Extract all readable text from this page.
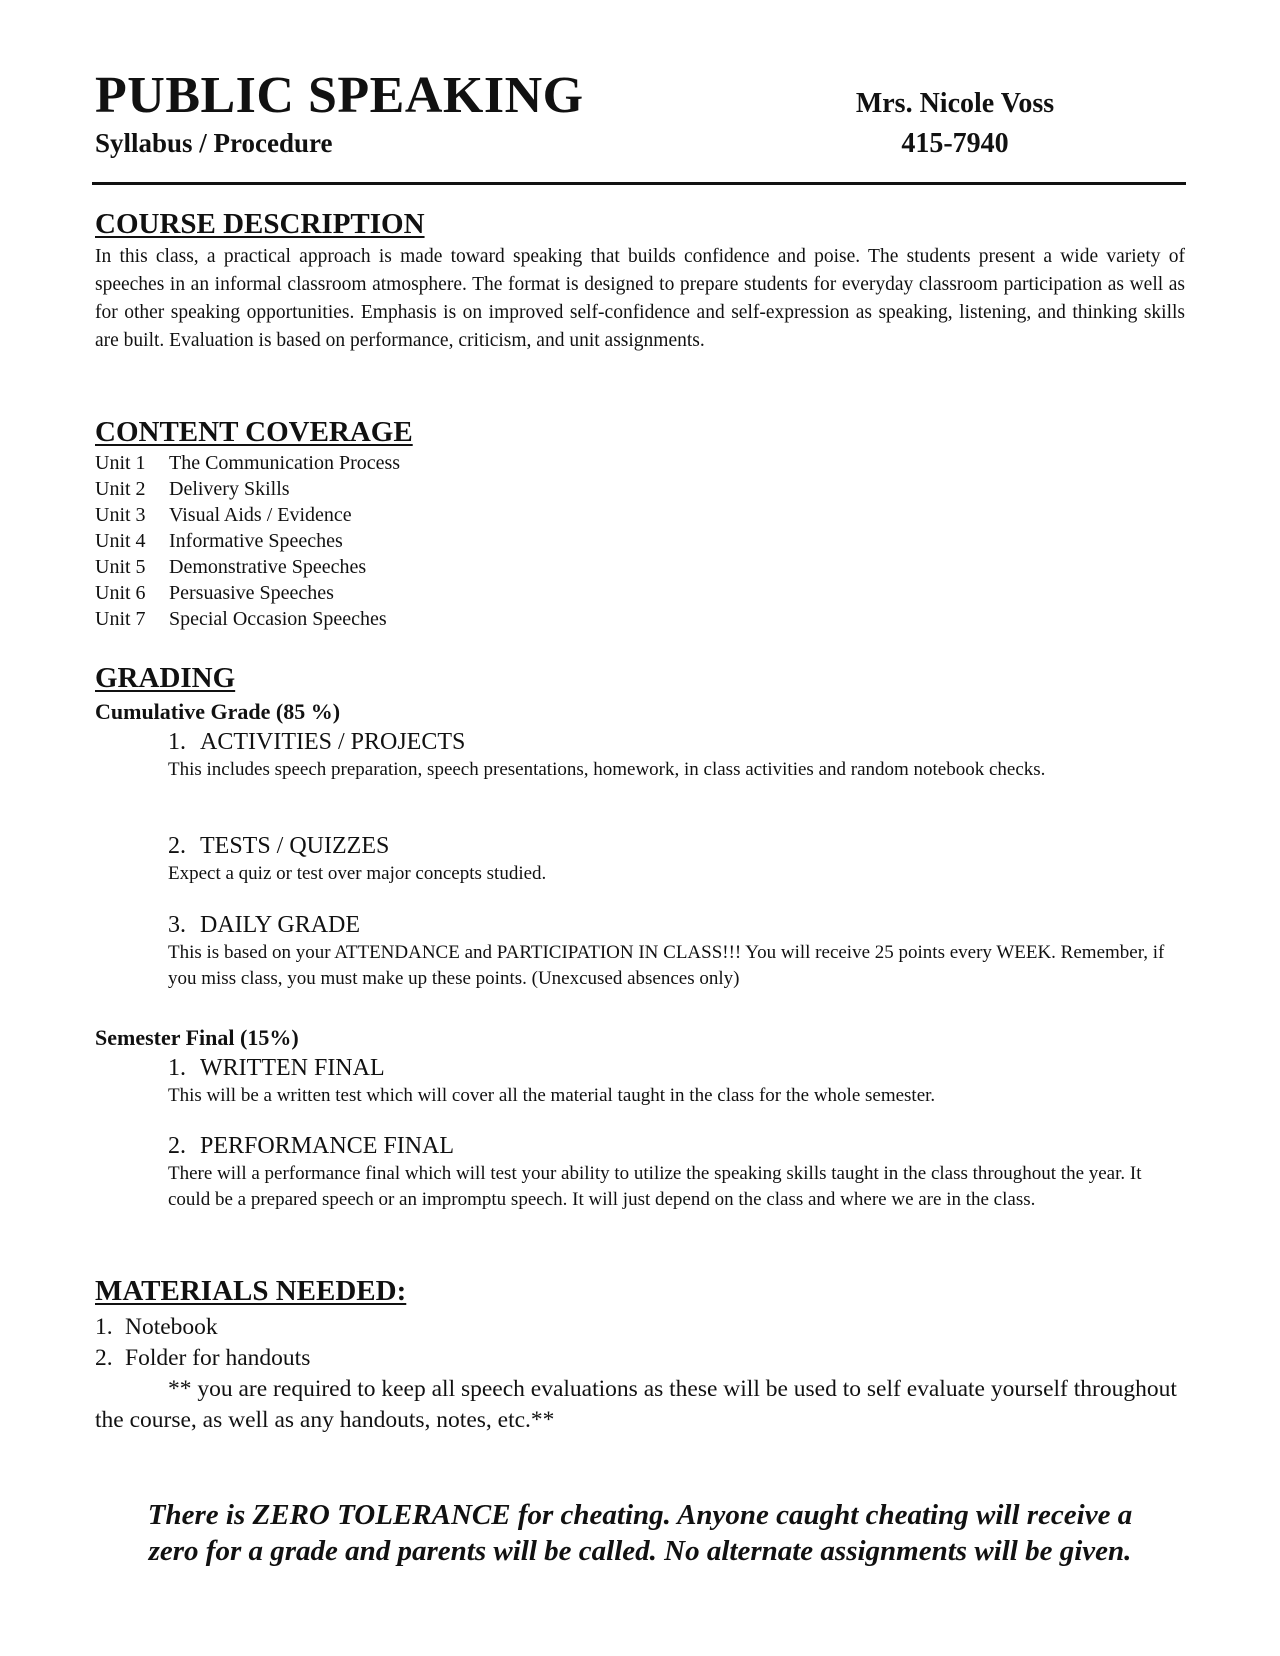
PUBLIC SPEAKING
Syllabus / Procedure
Mrs. Nicole Voss
415-7940
COURSE DESCRIPTION
In this class, a practical approach is made toward speaking that builds confidence and poise. The students present a wide variety of speeches in an informal classroom atmosphere. The format is designed to prepare students for everyday classroom participation as well as for other speaking opportunities. Emphasis is on improved self-confidence and self-expression as speaking, listening, and thinking skills are built. Evaluation is based on performance, criticism, and unit assignments.
CONTENT COVERAGE
Unit 1 The Communication Process
Unit 2 Delivery Skills
Unit 3 Visual Aids / Evidence
Unit 4 Informative Speeches
Unit 5 Demonstrative Speeches
Unit 6 Persuasive Speeches
Unit 7 Special Occasion Speeches
GRADING
Cumulative Grade (85 %)
1. ACTIVITIES / PROJECTS
This includes speech preparation, speech presentations, homework, in class activities and random notebook checks.
2. TESTS / QUIZZES
Expect a quiz or test over major concepts studied.
3. DAILY GRADE
This is based on your ATTENDANCE and PARTICIPATION IN CLASS!!! You will receive 25 points every WEEK. Remember, if you miss class, you must make up these points. (Unexcused absences only)
Semester Final (15%)
1. WRITTEN FINAL
This will be a written test which will cover all the material taught in the class for the whole semester.
2. PERFORMANCE FINAL
There will a performance final which will test your ability to utilize the speaking skills taught in the class throughout the year. It could be a prepared speech or an impromptu speech. It will just depend on the class and where we are in the class.
MATERIALS NEEDED:
1. Notebook
2. Folder for handouts
** you are required to keep all speech evaluations as these will be used to self evaluate yourself throughout the course, as well as any handouts, notes, etc.**
There is ZERO TOLERANCE for cheating. Anyone caught cheating will receive a
zero for a grade and parents will be called. No alternate assignments will be given.
